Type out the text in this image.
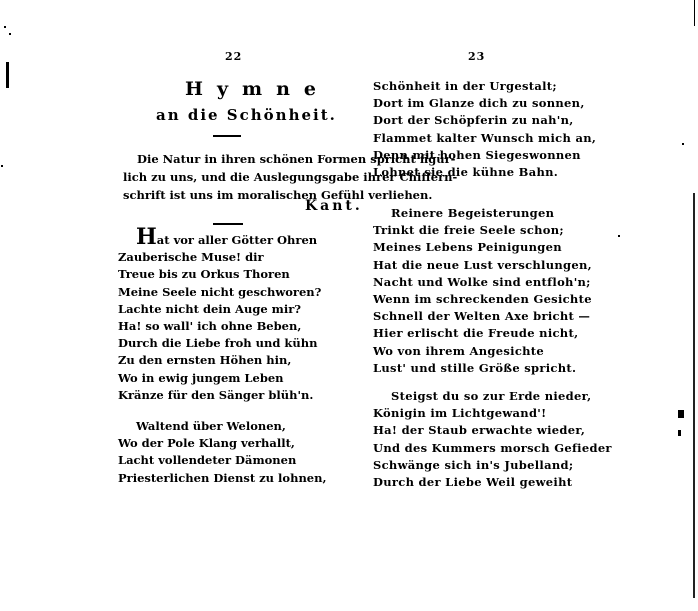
22
Hymne
an die Schönheit.
Die Natur in ihren schönen Formen spricht figür-
lich zu uns, und die Auslegungsgabe ihrer Chiffern-
schrift ist uns im moralischen Gefühl verliehen.
Kant.
Hat vor aller Götter Ohren
Zauberische Muse! dir
Treue bis zu Orkus Thoren
Meine Seele nicht geschworen?
Lachte nicht dein Auge mir?
Ha! so wall' ich ohne Beben,
Durch die Liebe froh und kühn
Zu den ernsten Höhen hin,
Wo in ewig jungem Leben
Kränze für den Sänger blüh'n.
Waltend über Welonen,
Wo der Pole Klang verhallt,
Lacht vollendeter Dämonen
Priesterlichen Dienst zu lohnen,
23
Schönheit in der Urgestalt;
Dort im Glanze dich zu sonnen,
Dort der Schöpferin zu nah'n,
Flammet kalter Wunsch mich an,
Denn mit hohen Siegeswonnen
Lohnet sie die kühne Bahn.
Reinere Begeisterungen
Trinkt die freie Seele schon;
Meines Lebens Peinigungen
Hat die neue Lust verschlungen,
Nacht und Wolke sind entfloh'n;
Wenn im schreckenden Gesichte
Schnell der Welten Axe bricht —
Hier erlischt die Freude nicht,
Wo von ihrem Angesichte
Lust' und stille Größe spricht.
Steigst du so zur Erde nieder,
Königin im Lichtgewand'!
Ha! der Staub erwachte wieder,
Und des Kummers morsch Gefieder
Schwänge sich in's Jubelland;
Durch der Liebe Weil geweiht
